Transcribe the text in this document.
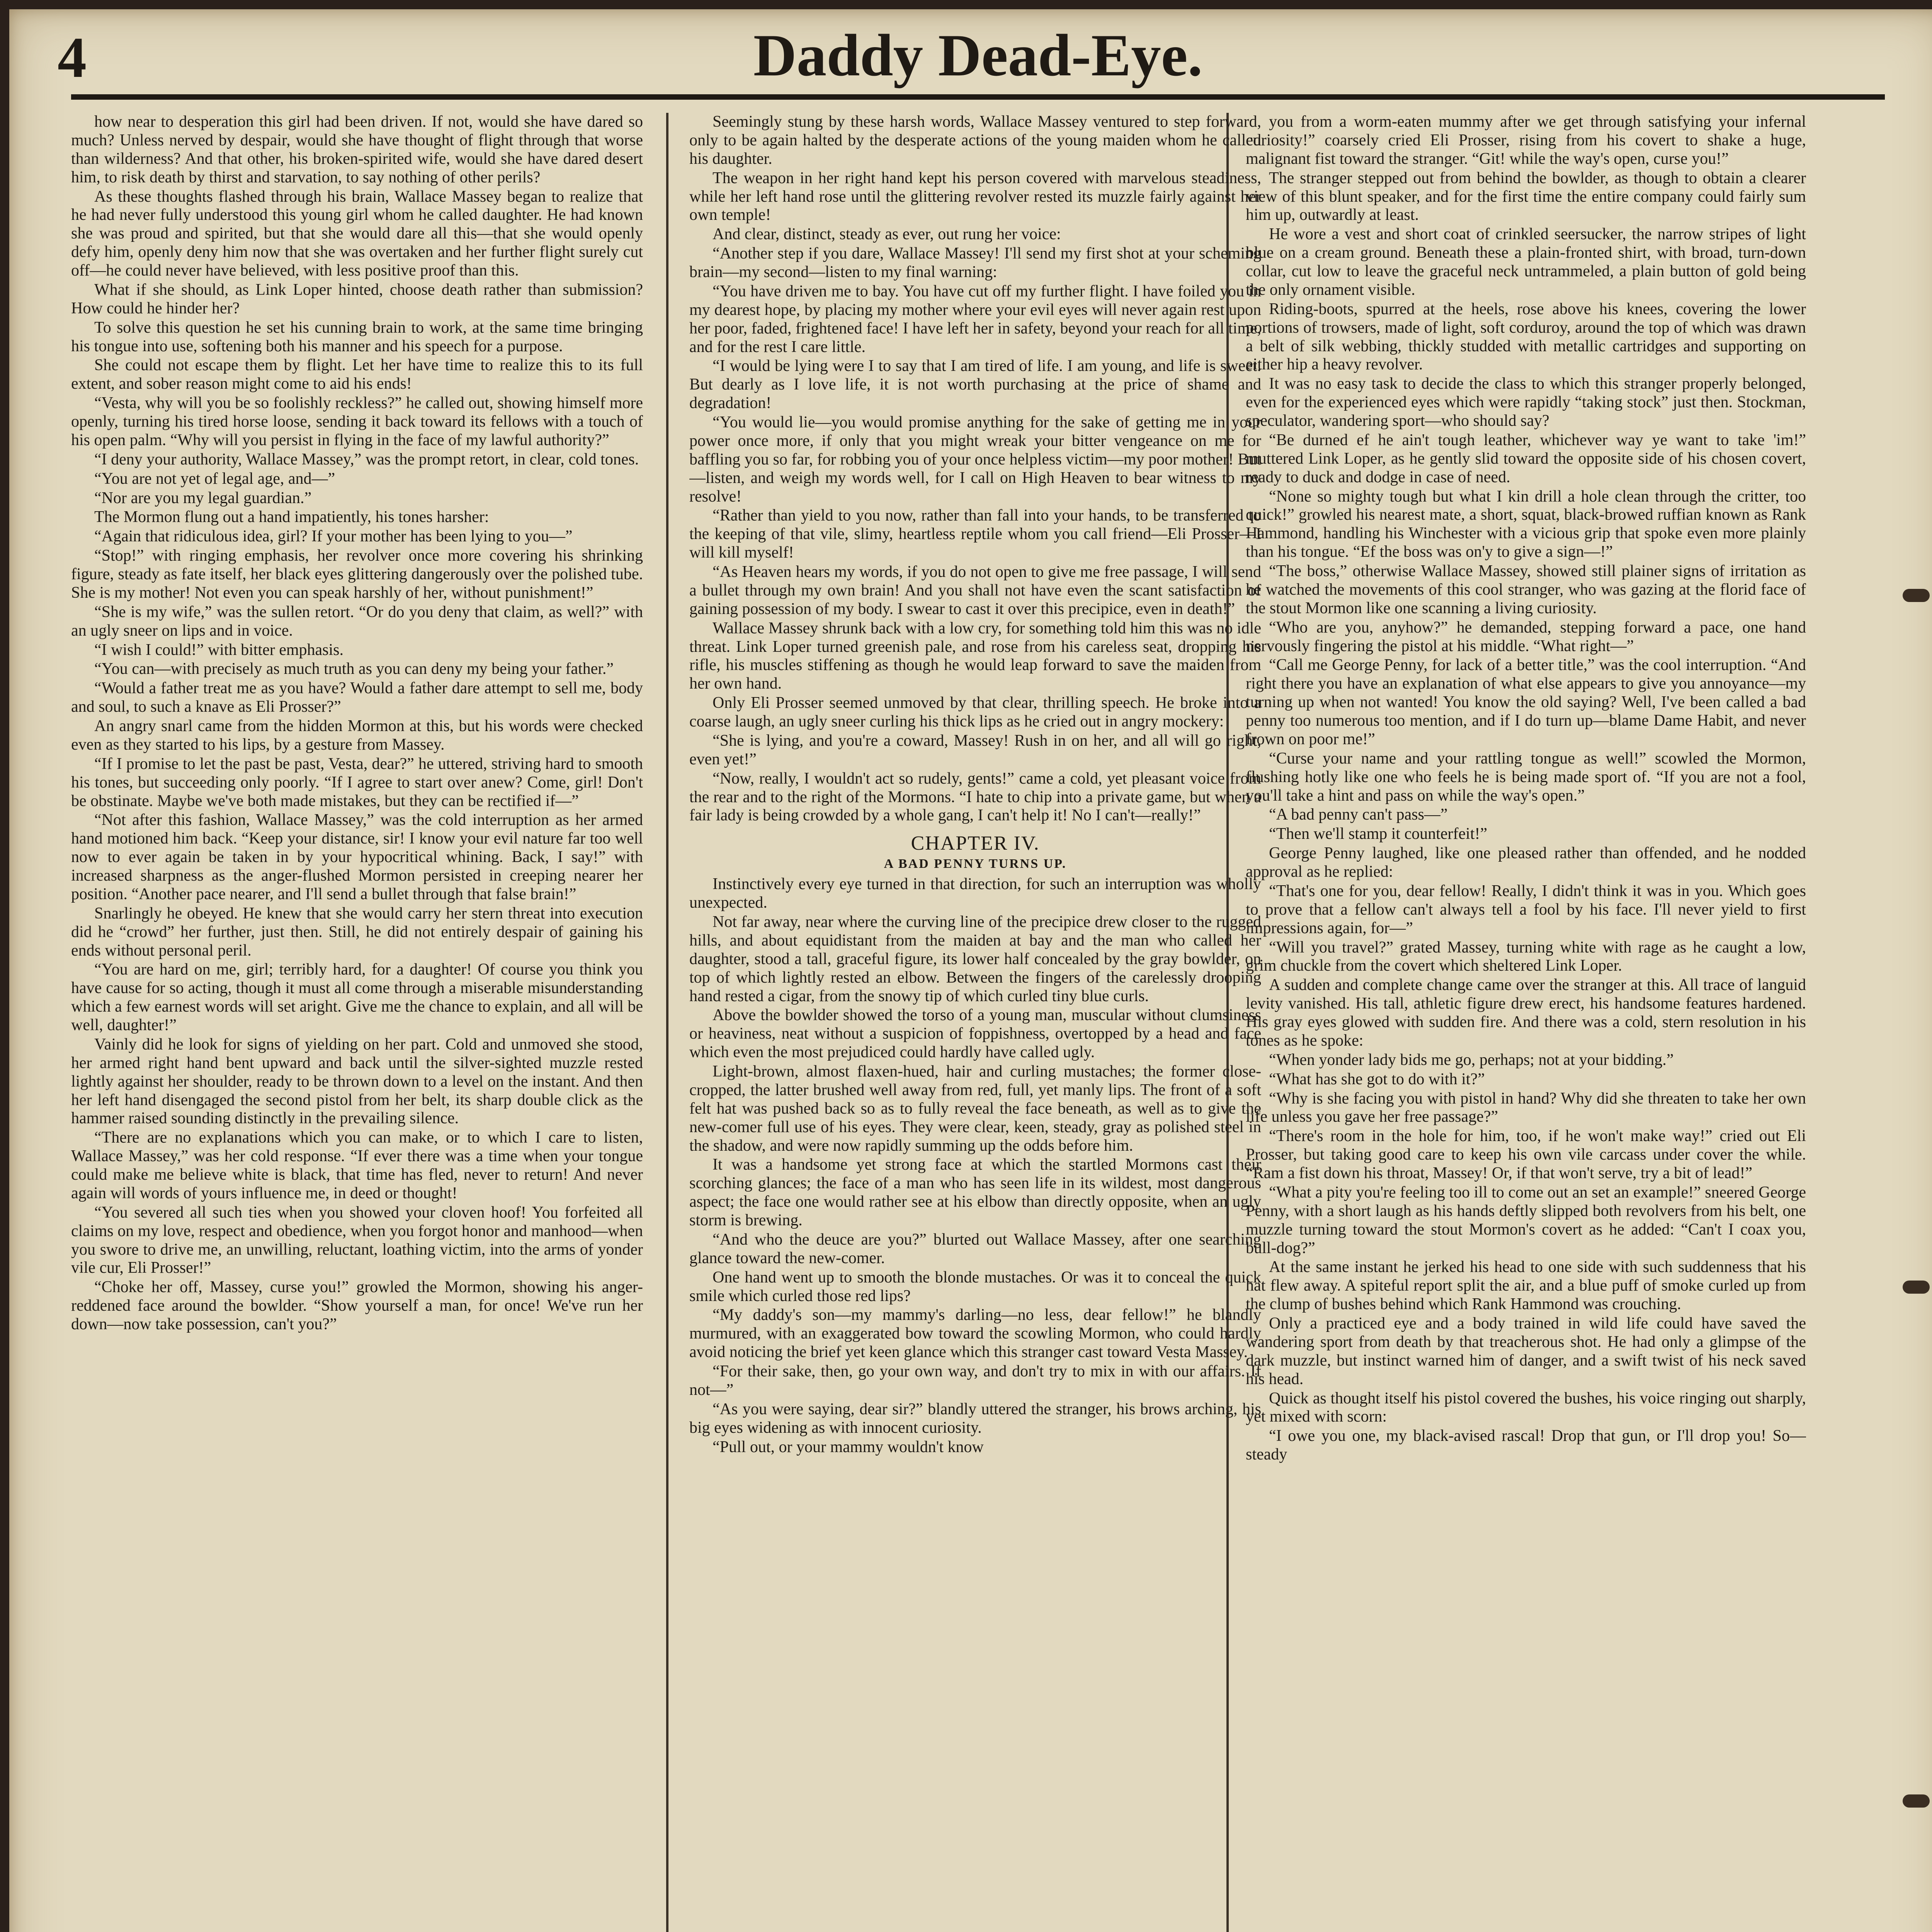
4	Daddy Dead-Eye.

how near to desperation this girl had been driven. If not, would she have dared so much? Unless nerved by despair, would she have thought of flight through that worse than wilderness? And that other, his broken-spirited wife, would she have dared desert him, to risk death by thirst and starvation, to say nothing of other perils?

As these thoughts flashed through his brain, Wallace Massey began to realize that he had never fully understood this young girl whom he called daughter. He had known she was proud and spirited, but that she would dare all this—that she would openly defy him, openly deny him now that she was overtaken and her further flight surely cut off—he could never have believed, with less positive proof than this.

What if she should, as Link Loper hinted, choose death rather than submission? How could he hinder her?

To solve this question he set his cunning brain to work, at the same time bringing his tongue into use, softening both his manner and his speech for a purpose.

She could not escape them by flight. Let her have time to realize this to its full extent, and sober reason might come to aid his ends!

“Vesta, why will you be so foolishly reckless?” he called out, showing himself more openly, turning his tired horse loose, sending it back toward its fellows with a touch of his open palm. “Why will you persist in flying in the face of my lawful authority?”

“I deny your authority, Wallace Massey,” was the prompt retort, in clear, cold tones.

“You are not yet of legal age, and—”

“Nor are you my legal guardian.”

The Mormon flung out a hand impatiently, his tones harsher:

“Again that ridiculous idea, girl? If your mother has been lying to you—”

“Stop!” with ringing emphasis, her revolver once more covering his shrinking figure, steady as fate itself, her black eyes glittering dangerously over the polished tube. She is my mother! Not even you can speak harshly of her, without punishment!”

“She is my wife,” was the sullen retort. “Or do you deny that claim, as well?” with an ugly sneer on lips and in voice.

“I wish I could!” with bitter emphasis.

“You can—with precisely as much truth as you can deny my being your father.”

“Would a father treat me as you have? Would a father dare attempt to sell me, body and soul, to such a knave as Eli Prosser?”

An angry snarl came from the hidden Mormon at this, but his words were checked even as they started to his lips, by a gesture from Massey.

“If I promise to let the past be past, Vesta, dear?” he uttered, striving hard to smooth his tones, but succeeding only poorly. “If I agree to start over anew? Come, girl! Don't be obstinate. Maybe we've both made mistakes, but they can be rectified if—”

“Not after this fashion, Wallace Massey,” was the cold interruption as her armed hand motioned him back. “Keep your distance, sir! I know your evil nature far too well now to ever again be taken in by your hypocritical whining. Back, I say!” with increased sharpness as the anger-flushed Mormon persisted in creeping nearer her position. “Another pace nearer, and I'll send a bullet through that false brain!”

Snarlingly he obeyed. He knew that she would carry her stern threat into execution did he “crowd” her further, just then. Still, he did not entirely despair of gaining his ends without personal peril.

“You are hard on me, girl; terribly hard, for a daughter! Of course you think you have cause for so acting, though it must all come through a miserable misunderstanding which a few earnest words will set aright. Give me the chance to explain, and all will be well, daughter!”

Vainly did he look for signs of yielding on her part. Cold and unmoved she stood, her armed right hand bent upward and back until the silver-sighted muzzle rested lightly against her shoulder, ready to be thrown down to a level on the instant. And then her left hand disengaged the second pistol from her belt, its sharp double click as the hammer raised sounding distinctly in the prevailing silence.

“There are no explanations which you can make, or to which I care to listen, Wallace Massey,” was her cold response. “If ever there was a time when your tongue could make me believe white is black, that time has fled, never to return! And never again will words of yours influence me, in deed or thought!

“You severed all such ties when you showed your cloven hoof! You forfeited all claims on my love, respect and obedience, when you forgot honor and manhood—when you swore to drive me, an unwilling, reluctant, loathing victim, into the arms of yonder vile cur, Eli Prosser!”

“Choke her off, Massey, curse you!” growled the Mormon, showing his anger-reddened face around the bowlder. “Show yourself a man, for once! We've run her down—now take possession, can't you?”

Seemingly stung by these harsh words, Wallace Massey ventured to step forward, only to be again halted by the desperate actions of the young maiden whom he called his daughter.

The weapon in her right hand kept his person covered with marvelous steadiness, while her left hand rose until the glittering revolver rested its muzzle fairly against her own temple!

And clear, distinct, steady as ever, out rung her voice:

“Another step if you dare, Wallace Massey! I'll send my first shot at your scheming brain—my second—listen to my final warning:

“You have driven me to bay. You have cut off my further flight. I have foiled you in my dearest hope, by placing my mother where your evil eyes will never again rest upon her poor, faded, frightened face! I have left her in safety, beyond your reach for all time, and for the rest I care little.

“I would be lying were I to say that I am tired of life. I am young, and life is sweet. But dearly as I love life, it is not worth purchasing at the price of shame and degradation!

“You would lie—you would promise anything for the sake of getting me in your power once more, if only that you might wreak your bitter vengeance on me for baffling you so far, for robbing you of your once helpless victim—my poor mother! But—listen, and weigh my words well, for I call on High Heaven to bear witness to my resolve!

“Rather than yield to you now, rather than fall into your hands, to be transferred to the keeping of that vile, slimy, heartless reptile whom you call friend—Eli Prosser—I will kill myself!

“As Heaven hears my words, if you do not open to give me free passage, I will send a bullet through my own brain! And you shall not have even the scant satisfaction of gaining possession of my body. I swear to cast it over this precipice, even in death!”

Wallace Massey shrunk back with a low cry, for something told him this was no idle threat. Link Loper turned greenish pale, and rose from his careless seat, dropping his rifle, his muscles stiffening as though he would leap forward to save the maiden from her own hand.

Only Eli Prosser seemed unmoved by that clear, thrilling speech. He broke into a coarse laugh, an ugly sneer curling his thick lips as he cried out in angry mockery:

“She is lying, and you're a coward, Massey! Rush in on her, and all will go right, even yet!”

“Now, really, I wouldn't act so rudely, gents!” came a cold, yet pleasant voice from the rear and to the right of the Mormons. “I hate to chip into a private game, but when a fair lady is being crowded by a whole gang, I can't help it! No I can't—really!”

CHAPTER IV.
A BAD PENNY TURNS UP.

Instinctively every eye turned in that direction, for such an interruption was wholly unexpected.

Not far away, near where the curving line of the precipice drew closer to the rugged hills, and about equidistant from the maiden at bay and the man who called her daughter, stood a tall, graceful figure, its lower half concealed by the gray bowlder, on top of which lightly rested an elbow. Between the fingers of the carelessly drooping hand rested a cigar, from the snowy tip of which curled tiny blue curls.

Above the bowlder showed the torso of a young man, muscular without clumsiness or heaviness, neat without a suspicion of foppishness, overtopped by a head and face which even the most prejudiced could hardly have called ugly.

Light-brown, almost flaxen-hued, hair and curling mustaches; the former close-cropped, the latter brushed well away from red, full, yet manly lips. The front of a soft felt hat was pushed back so as to fully reveal the face beneath, as well as to give the new-comer full use of his eyes. They were clear, keen, steady, gray as polished steel in the shadow, and were now rapidly summing up the odds before him.

It was a handsome yet strong face at which the startled Mormons cast their scorching glances; the face of a man who has seen life in its wildest, most dangerous aspect; the face one would rather see at his elbow than directly opposite, when an ugly storm is brewing.

“And who the deuce are you?” blurted out Wallace Massey, after one searching glance toward the new-comer.

One hand went up to smooth the blonde mustaches. Or was it to conceal the quick smile which curled those red lips?

“My daddy's son—my mammy's darling—no less, dear fellow!” he blandly murmured, with an exaggerated bow toward the scowling Mormon, who could hardly avoid noticing the brief yet keen glance which this stranger cast toward Vesta Massey.

“For their sake, then, go your own way, and don't try to mix in with our affairs. If not—”

“As you were saying, dear sir?” blandly uttered the stranger, his brows arching, his big eyes widening as with innocent curiosity.

“Pull out, or your mammy wouldn't know

you from a worm-eaten mummy after we get through satisfying your infernal curiosity!” coarsely cried Eli Prosser, rising from his covert to shake a huge, malignant fist toward the stranger. “Git! while the way's open, curse you!”

The stranger stepped out from behind the bowlder, as though to obtain a clearer view of this blunt speaker, and for the first time the entire company could fairly sum him up, outwardly at least.

He wore a vest and short coat of crinkled seersucker, the narrow stripes of light blue on a cream ground. Beneath these a plain-fronted shirt, with broad, turn-down collar, cut low to leave the graceful neck untrammeled, a plain button of gold being the only ornament visible.

Riding-boots, spurred at the heels, rose above his knees, covering the lower portions of trowsers, made of light, soft corduroy, around the top of which was drawn a belt of silk webbing, thickly studded with metallic cartridges and supporting on either hip a heavy revolver.

It was no easy task to decide the class to which this stranger properly belonged, even for the experienced eyes which were rapidly “taking stock” just then. Stockman, speculator, wandering sport—who should say?

“Be durned ef he ain't tough leather, whichever way ye want to take 'im!” muttered Link Loper, as he gently slid toward the opposite side of his chosen covert, ready to duck and dodge in case of need.

“None so mighty tough but what I kin drill a hole clean through the critter, too quick!” growled his nearest mate, a short, squat, black-browed ruffian known as Rank Hammond, handling his Winchester with a vicious grip that spoke even more plainly than his tongue. “Ef the boss was on'y to give a sign—!”

“The boss,” otherwise Wallace Massey, showed still plainer signs of irritation as he watched the movements of this cool stranger, who was gazing at the florid face of the stout Mormon like one scanning a living curiosity.

“Who are you, anyhow?” he demanded, stepping forward a pace, one hand nervously fingering the pistol at his middle. “What right—”

“Call me George Penny, for lack of a better title,” was the cool interruption. “And right there you have an explanation of what else appears to give you annoyance—my turning up when not wanted! You know the old saying? Well, I've been called a bad penny too numerous too mention, and if I do turn up—blame Dame Habit, and never frown on poor me!”

“Curse your name and your rattling tongue as well!” scowled the Mormon, flushing hotly like one who feels he is being made sport of. “If you are not a fool, you'll take a hint and pass on while the way's open.”

“A bad penny can't pass—”

“Then we'll stamp it counterfeit!”

George Penny laughed, like one pleased rather than offended, and he nodded approval as he replied:

“That's one for you, dear fellow! Really, I didn't think it was in you. Which goes to prove that a fellow can't always tell a fool by his face. I'll never yield to first impressions again, for—”

“Will you travel?” grated Massey, turning white with rage as he caught a low, grim chuckle from the covert which sheltered Link Loper.

A sudden and complete change came over the stranger at this. All trace of languid levity vanished. His tall, athletic figure drew erect, his handsome features hardened. His gray eyes glowed with sudden fire. And there was a cold, stern resolution in his tones as he spoke:

“When yonder lady bids me go, perhaps; not at your bidding.”

“What has she got to do with it?”

“Why is she facing you with pistol in hand? Why did she threaten to take her own life unless you gave her free passage?”

“There's room in the hole for him, too, if he won't make way!” cried out Eli Prosser, but taking good care to keep his own vile carcass under cover the while. “Ram a fist down his throat, Massey! Or, if that won't serve, try a bit of lead!”

“What a pity you're feeling too ill to come out an set an example!” sneered George Penny, with a short laugh as his hands deftly slipped both revolvers from his belt, one muzzle turning toward the stout Mormon's covert as he added: “Can't I coax you, bull-dog?”

At the same instant he jerked his head to one side with such suddenness that his hat flew away. A spiteful report split the air, and a blue puff of smoke curled up from the clump of bushes behind which Rank Hammond was crouching.

Only a practiced eye and a body trained in wild life could have saved the wandering sport from death by that treacherous shot. He had only a glimpse of the dark muzzle, but instinct warned him of danger, and a swift twist of his neck saved his head.

Quick as thought itself his pistol covered the bushes, his voice ringing out sharply, yet mixed with scorn:

“I owe you one, my black-avised rascal! Drop that gun, or I'll drop you! So—steady
